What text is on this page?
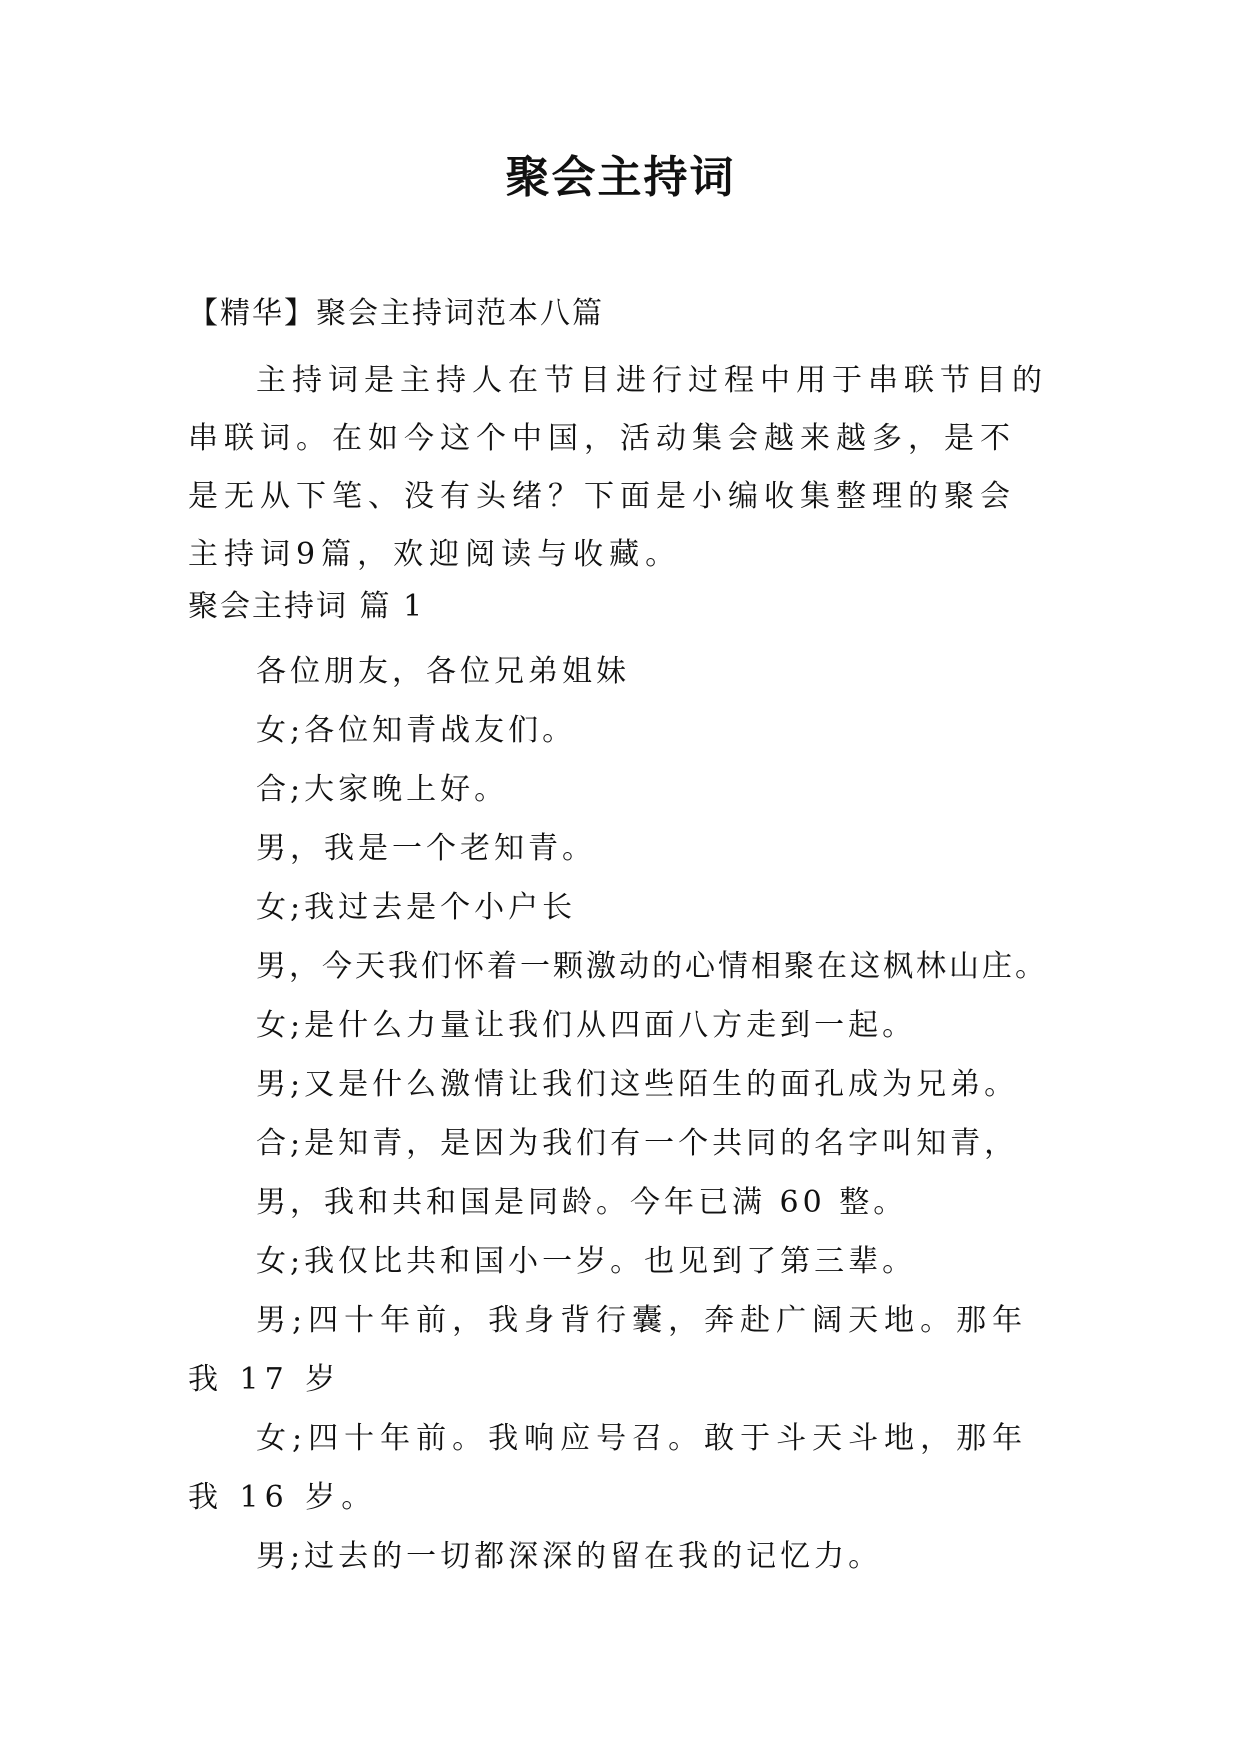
聚会主持词
【精华】聚会主持词范本八篇

主持词是主持人在节目进行过程中用于串联节目的串联词。在如今这个中国，活动集会越来越多，是不是无从下笔、没有头绪？下面是小编收集整理的聚会主持词9篇，欢迎阅读与收藏。

聚会主持词 篇 1
各位朋友，各位兄弟姐妹
女;各位知青战友们。
合;大家晚上好。
男，我是一个老知青。
女;我过去是个小户长
男，今天我们怀着一颗激动的心情相聚在这枫林山庄。
女;是什么力量让我们从四面八方走到一起。
男;又是什么激情让我们这些陌生的面孔成为兄弟。
合;是知青，是因为我们有一个共同的名字叫知青，
男，我和共和国是同龄。今年已满 60 整。
女;我仅比共和国小一岁。也见到了第三辈。
男;四十年前，我身背行囊，奔赴广阔天地。那年我 17 岁
女;四十年前。我响应号召。敢于斗天斗地，那年我 16 岁。
男;过去的一切都深深的留在我的记忆力。
